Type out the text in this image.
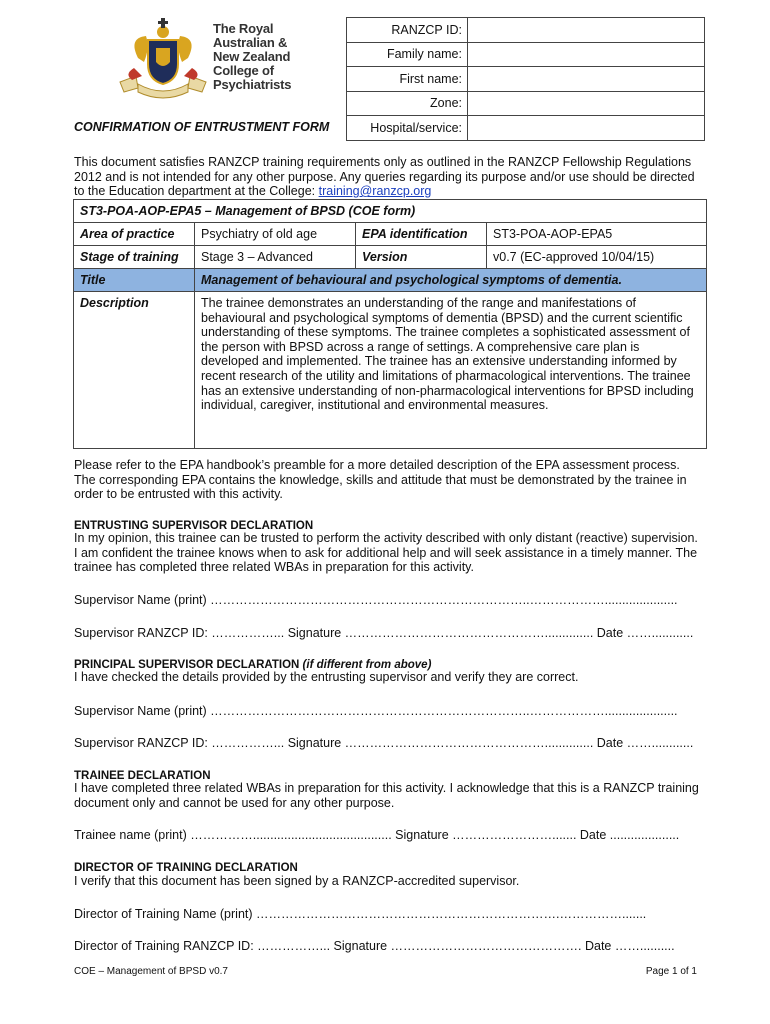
The Royal
Australian &
New Zealand
College of
Psychiatrists
RANZCP ID:	
Family name:	
First name:	
Zone:	
Hospital/service:	
CONFIRMATION OF ENTRUSTMENT FORM
This document satisfies RANZCP training requirements only as outlined in the RANZCP Fellowship Regulations 2012 and is not intended for any other purpose. Any queries regarding its purpose and/or use should be directed to the Education department at the College: training@ranzcp.org
ST3-POA-AOP-EPA5 – Management of BPSD (COE form)			
Area of practice	Psychiatry of old age	EPA identification	ST3-POA-AOP-EPA5
Stage of training	Stage 3 – Advanced	Version	v0.7 (EC-approved 10/04/15)
Title	Management of behavioural and psychological symptoms of dementia.		
Description	The trainee demonstrates an understanding of the range and manifestations of behavioural and psychological symptoms of dementia (BPSD) and the current scientific understanding of these symptoms. The trainee completes a sophisticated assessment of the person with BPSD across a range of settings. A comprehensive care plan is developed and implemented. The trainee has an extensive understanding informed by recent research of the utility and limitations of pharmacological interventions. The trainee has an extensive understanding of non-pharmacological interventions for BPSD including individual, caregiver, institutional and environmental measures.		
Please refer to the EPA handbook’s preamble for a more detailed description of the EPA assessment process. The corresponding EPA contains the knowledge, skills and attitude that must be demonstrated by the trainee in order to be entrusted with this activity.
ENTRUSTING SUPERVISOR DECLARATION
In my opinion, this trainee can be trusted to perform the activity described with only distant (reactive) supervision. I am confident the trainee knows when to ask for additional help and will seek assistance in a timely manner. The trainee has completed three related WBAs in preparation for this activity.
Supervisor Name (print) …………………………………………………………………..……………….....................
Supervisor RANZCP ID: ……………... Signature ………………………………………….............. Date ……............
PRINCIPAL SUPERVISOR DECLARATION (if different from above)
I have checked the details provided by the entrusting supervisor and verify they are correct.
Supervisor Name (print) …………………………………………………………………..……………….....................
Supervisor RANZCP ID: ……………... Signature ………………………………………….............. Date ……............
TRAINEE DECLARATION
I have completed three related WBAs in preparation for this activity. I acknowledge that this is a RANZCP training document only and cannot be used for any other purpose.
Trainee name (print) ……………........................................ Signature ……………………....... Date ....................
DIRECTOR OF TRAINING DECLARATION
I verify that this document has been signed by a RANZCP-accredited supervisor.
Director of Training Name (print) ……………………………………………………………….…………….......
Director of Training RANZCP ID: ……………... Signature ………………………………………. Date ……..........
COE – Management of BPSD v0.7	Page 1 of 1
